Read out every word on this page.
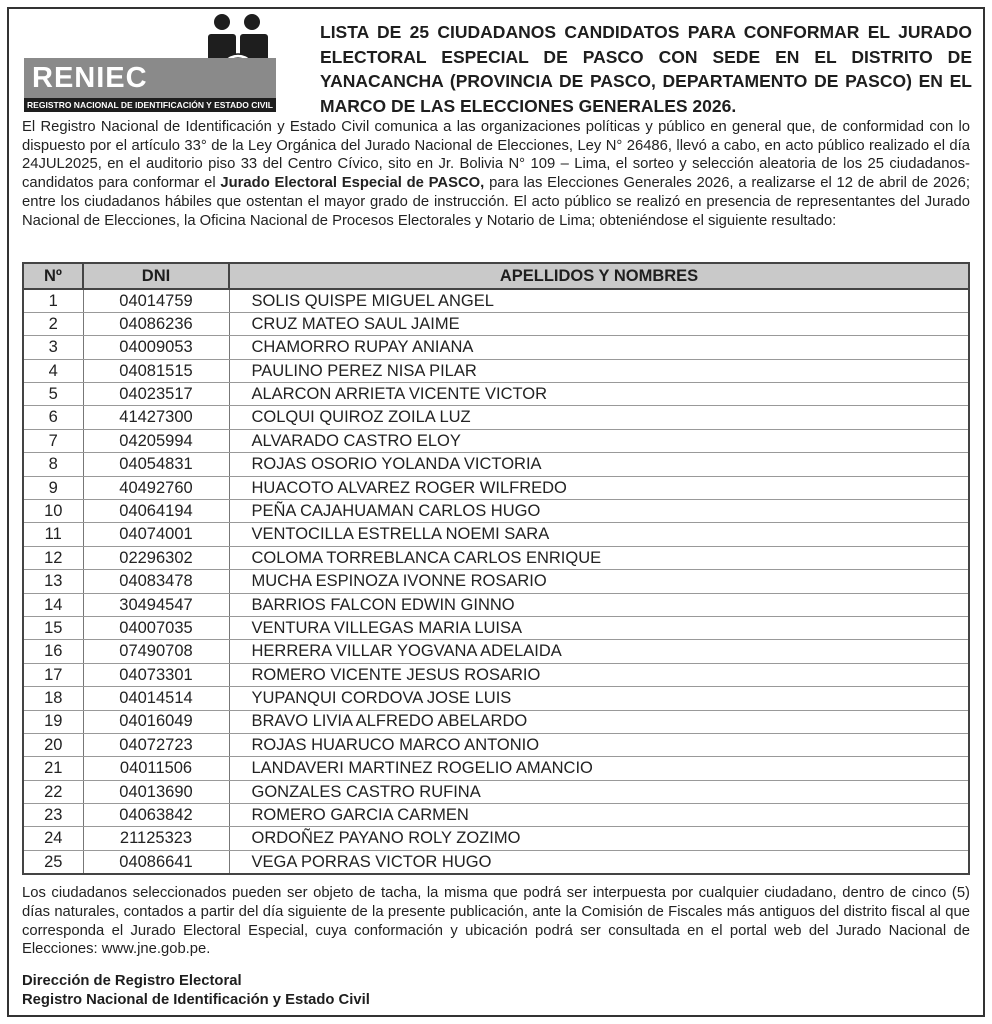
RENIEC
REGISTRO NACIONAL DE IDENTIFICACIÓN Y ESTADO CIVIL
LISTA DE 25 CIUDADANOS CANDIDATOS PARA CONFORMAR EL JURADO ELECTORAL ESPECIAL DE PASCO CON SEDE EN EL DISTRITO DE YANACANCHA (PROVINCIA DE PASCO, DEPARTAMENTO DE PASCO) EN EL MARCO DE LAS ELECCIONES GENERALES 2026.
El Registro Nacional de Identificación y Estado Civil comunica a las organizaciones políticas y público en general que, de conformidad con lo dispuesto por el artículo 33° de la Ley Orgánica del Jurado Nacional de Elecciones, Ley N° 26486, llevó a cabo, en acto público realizado el día 24JUL2025, en el auditorio piso 33 del Centro Cívico, sito en Jr. Bolivia N° 109 – Lima, el sorteo y selección aleatoria de los 25 ciudadanos-candidatos para conformar el Jurado Electoral Especial de PASCO, para las Elecciones Generales 2026, a realizarse el 12 de abril de 2026; entre los ciudadanos hábiles que ostentan el mayor grado de instrucción. El acto público se realizó en presencia de representantes del Jurado Nacional de Elecciones, la Oficina Nacional de Procesos Electorales y Notario de Lima; obteniéndose el siguiente resultado:
Nº	DNI	APELLIDOS Y NOMBRES
1	04014759	SOLIS QUISPE MIGUEL ANGEL
2	04086236	CRUZ MATEO SAUL JAIME
3	04009053	CHAMORRO RUPAY ANIANA
4	04081515	PAULINO PEREZ NISA PILAR
5	04023517	ALARCON ARRIETA VICENTE VICTOR
6	41427300	COLQUI QUIROZ ZOILA LUZ
7	04205994	ALVARADO CASTRO ELOY
8	04054831	ROJAS OSORIO YOLANDA VICTORIA
9	40492760	HUACOTO ALVAREZ ROGER WILFREDO
10	04064194	PEÑA CAJAHUAMAN CARLOS HUGO
11	04074001	VENTOCILLA ESTRELLA NOEMI SARA
12	02296302	COLOMA TORREBLANCA CARLOS ENRIQUE
13	04083478	MUCHA ESPINOZA IVONNE ROSARIO
14	30494547	BARRIOS FALCON EDWIN GINNO
15	04007035	VENTURA VILLEGAS MARIA LUISA
16	07490708	HERRERA VILLAR YOGVANA ADELAIDA
17	04073301	ROMERO VICENTE JESUS ROSARIO
18	04014514	YUPANQUI CORDOVA JOSE LUIS
19	04016049	BRAVO LIVIA ALFREDO ABELARDO
20	04072723	ROJAS HUARUCO MARCO ANTONIO
21	04011506	LANDAVERI MARTINEZ ROGELIO AMANCIO
22	04013690	GONZALES CASTRO RUFINA
23	04063842	ROMERO GARCIA CARMEN
24	21125323	ORDOÑEZ PAYANO ROLY ZOZIMO
25	04086641	VEGA PORRAS VICTOR HUGO
Los ciudadanos seleccionados pueden ser objeto de tacha, la misma que podrá ser interpuesta por cualquier ciudadano, dentro de cinco (5) días naturales, contados a partir del día siguiente de la presente publicación, ante la Comisión de Fiscales más antiguos del distrito fiscal al que corresponda el Jurado Electoral Especial, cuya conformación y ubicación podrá ser consultada en el portal web del Jurado Nacional de Elecciones: www.jne.gob.pe.
Dirección de Registro Electoral
Registro Nacional de Identificación y Estado Civil
